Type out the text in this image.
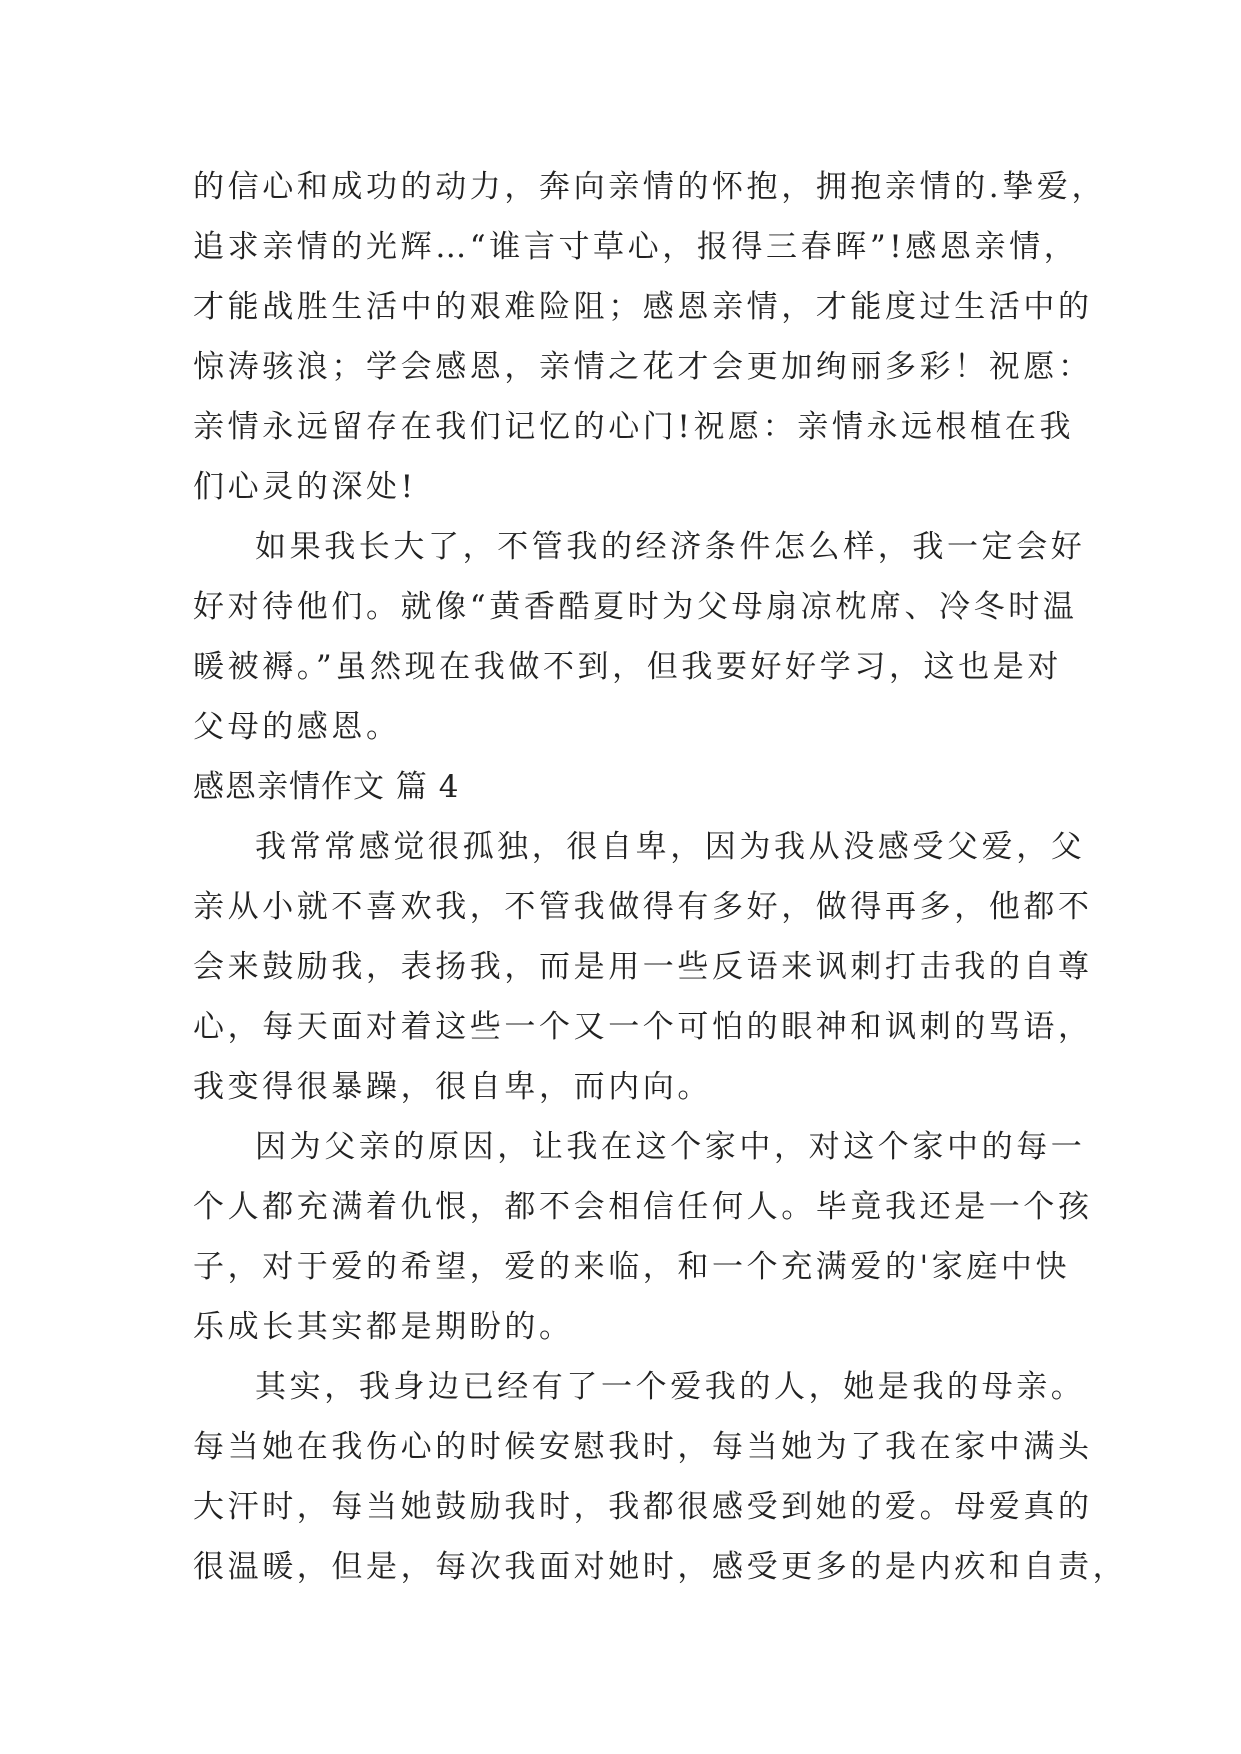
的信心和成功的动力，奔向亲情的怀抱，拥抱亲情的.挚爱，
追求亲情的光辉…“谁言寸草心，报得三春晖”!感恩亲情，
才能战胜生活中的艰难险阻；感恩亲情，才能度过生活中的
惊涛骇浪；学会感恩，亲情之花才会更加绚丽多彩！祝愿：
亲情永远留存在我们记忆的心门!祝愿：亲情永远根植在我
们心灵的深处!
如果我长大了，不管我的经济条件怎么样，我一定会好
好对待他们。就像“黄香酷夏时为父母扇凉枕席、冷冬时温
暖被褥。”虽然现在我做不到，但我要好好学习，这也是对
父母的感恩。
感恩亲情作文 篇 4
我常常感觉很孤独，很自卑，因为我从没感受父爱，父
亲从小就不喜欢我，不管我做得有多好，做得再多，他都不
会来鼓励我，表扬我，而是用一些反语来讽刺打击我的自尊
心，每天面对着这些一个又一个可怕的眼神和讽刺的骂语，
我变得很暴躁，很自卑，而内向。
因为父亲的原因，让我在这个家中，对这个家中的每一
个人都充满着仇恨，都不会相信任何人。毕竟我还是一个孩
子，对于爱的希望，爱的来临，和一个充满爱的'家庭中快
乐成长其实都是期盼的。
其实，我身边已经有了一个爱我的人，她是我的母亲。
每当她在我伤心的时候安慰我时，每当她为了我在家中满头
大汗时，每当她鼓励我时，我都很感受到她的爱。母爱真的
很温暖，但是，每次我面对她时，感受更多的是内疚和自责，
